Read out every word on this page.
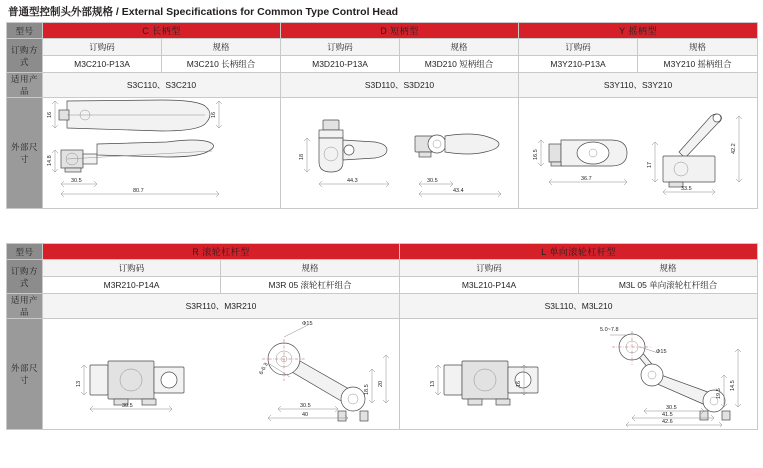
普通型控制头外部规格 / External Specifications for Common Type Control Head
型号	C 长柄型		D 短柄型		Y 摇柄型	
订购方式	订购码	规格	订购码	规格	订购码	规格
	M3C210-P13A	M3C210 长柄组合	M3D210-P13A	M3D210 短柄组合	M3Y210-P13A	M3Y210 摇柄组合
适用产品	S3C110、S3C210		S3D110、S3D210		S3Y110、S3Y210	
外部尺寸	16 16
14.8
30.5
80.7		18
44.3 30.5
43.4		16.5
36.7
17
42.2
33.5	
型号	R 滚轮杠杆型		L 单向滚轮杠杆型	
订购方式	订购码	规格	订购码	规格
	M3R210-P14A	M3R 05 滚轮杠杆组合	M3L210-P14A	M3L 05 单向滚轮杠杆组合
适用产品	S3R110、M3R210		S3L110、M3L210	
外部尺寸	13
Φ15
6-6.3
18.5
20
30.5
40
30.5

13	16
5.0~7.8
Φ15
14.5
19.5
30.5
41.5
42.6
